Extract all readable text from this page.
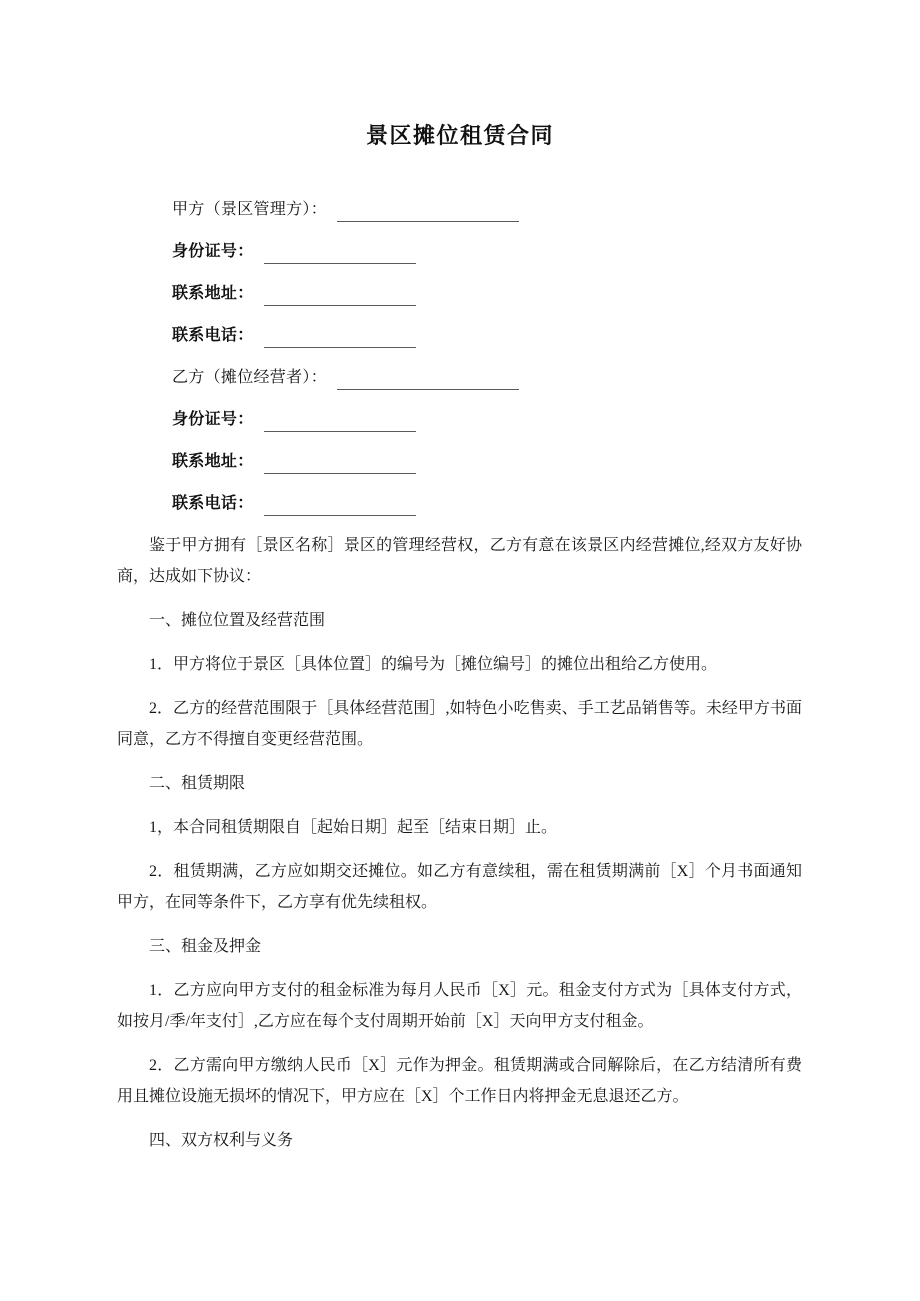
景区摊位租赁合同
甲方（景区管理方）：
身份证号：
联系地址：
联系电话：
乙方（摊位经营者）：
身份证号：
联系地址：
联系电话：

鉴于甲方拥有［景区名称］景区的管理经营权，乙方有意在该景区内经营摊位,经双方友好协商，达成如下协议：

一、摊位位置及经营范围

1．甲方将位于景区［具体位置］的编号为［摊位编号］的摊位出租给乙方使用。

2．乙方的经营范围限于［具体经营范围］,如特色小吃售卖、手工艺品销售等。未经甲方书面同意，乙方不得擅自变更经营范围。

二、租赁期限

1，本合同租赁期限自［起始日期］起至［结束日期］止。

2．租赁期满，乙方应如期交还摊位。如乙方有意续租，需在租赁期满前［X］个月书面通知甲方，在同等条件下，乙方享有优先续租权。

三、租金及押金

1．乙方应向甲方支付的租金标准为每月人民币［X］元。租金支付方式为［具体支付方式，如按月/季/年支付］,乙方应在每个支付周期开始前［X］天向甲方支付租金。

2．乙方需向甲方缴纳人民币［X］元作为押金。租赁期满或合同解除后，在乙方结清所有费用且摊位设施无损坏的情况下，甲方应在［X］个工作日内将押金无息退还乙方。

四、双方权利与义务
